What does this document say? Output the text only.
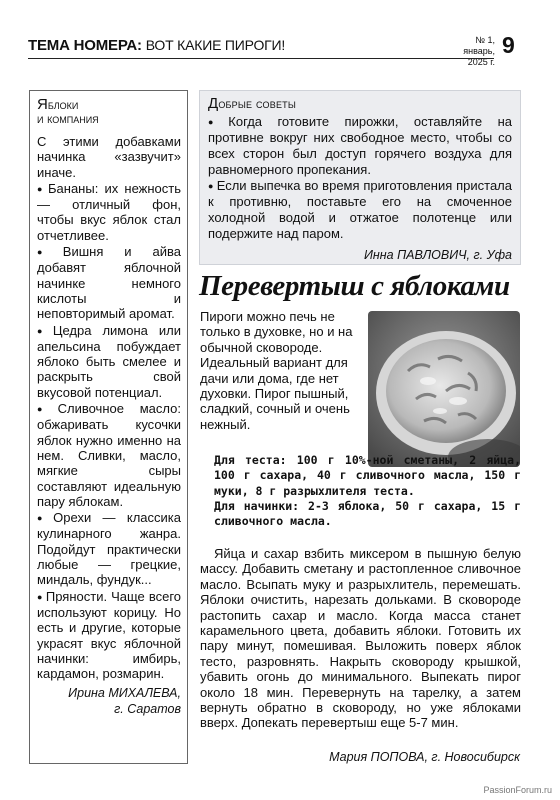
ТЕМА НОМЕРА: ВОТ КАКИЕ ПИРОГИ!	№ 1,
январь, 2025 г.
9
Яблоки
и компания

С этими добавками начинка «зазвучит» иначе.

● Бананы: их нежность — отличный фон, чтобы вкус яблок стал отчетливее.

● Вишня и айва добавят яблочной начинке немного кислоты и неповторимый аромат.

● Цедра лимона или апельсина побуждает яблоко быть смелее и раскрыть свой вкусовой потенциал.

● Сливочное масло: обжаривать кусочки яблок нужно именно на нем. Сливки, масло, мягкие сыры составляют идеальную пару яблокам.

● Орехи — классика кулинарного жанра. Подойдут практически любые — грецкие, миндаль, фундук...

● Пряности. Чаще всего используют корицу. Но есть и другие, которые украсят вкус яблочной начинки: имбирь, кардамон, розмарин.

Ирина МИХАЛЕВА,
г. Саратов
Добрые советы

● Когда готовите пирожки, оставляйте на противне вокруг них свободное место, чтобы со всех сторон был доступ горячего воздуха для равномерного пропекания.

● Если выпечка во время приготовления пристала к противню, поставьте его на смоченное холодной водой и отжатое полотенце или подержите над паром.

Инна ПАВЛОВИЧ, г. Уфа
Перевертыш с яблоками
Пироги можно печь не только в духовке, но и на обычной сковороде. Идеальный вариант для дачи или дома, где нет духовки. Пирог пышный, сладкий, сочный и очень нежный.

Для теста: 100 г 10%-ной сметаны, 2 яйца, 100 г сахара, 40 г сливочного масла, 150 г муки, 8 г разрыхлителя теста.

Для начинки: 2-3 яблока, 50 г сахара, 15 г сливочного масла.

Яйца и сахар взбить миксером в пышную белую массу. Добавить сметану и растопленное сливочное масло. Всыпать муку и разрыхлитель, перемешать. Яблоки очистить, нарезать дольками. В сковороде растопить сахар и масло. Когда масса станет карамельного цвета, добавить яблоки. Готовить их пару минут, помешивая. Выложить поверх яблок тесто, разровнять. Накрыть сковороду крышкой, убавить огонь до минимального. Выпекать пирог около 18 мин. Перевернуть на тарелку, а затем вернуть обратно в сковороду, но уже яблоками вверх. Допекать перевертыш еще 5-7 мин.
Мария ПОПОВА, г. Новосибирск
PassionForum.ru
